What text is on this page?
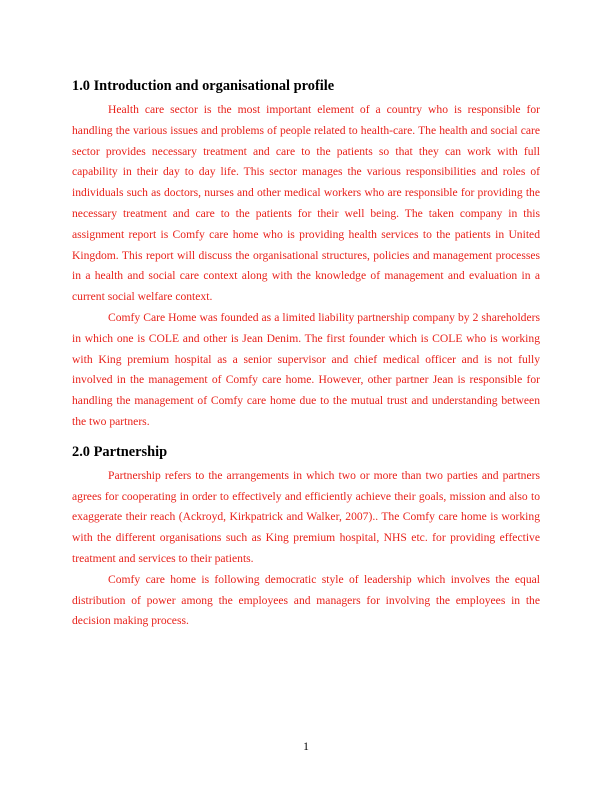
1.0 Introduction and organisational profile

Health care sector is the most important element of a country who is responsible for handling the various issues and problems of people related to health-care. The health and social care sector provides necessary treatment and care to the patients so that they can work with full capability in their day to day life. This sector manages the various responsibilities and roles of individuals such as doctors, nurses and other medical workers who are responsible for providing the necessary treatment and care to the patients for their well being. The taken company in this assignment report is Comfy care home who is providing health services to the patients in United Kingdom. This report will discuss the organisational structures, policies and management processes in a health and social care context along with the knowledge of management and evaluation in a current social welfare context.

Comfy Care Home was founded as a limited liability partnership company by 2 shareholders in which one is COLE and other is Jean Denim. The first founder which is COLE who is working with King premium hospital as a senior supervisor and chief medical officer and is not fully involved in the management of Comfy care home. However, other partner Jean is responsible for handling the management of Comfy care home due to the mutual trust and understanding between the two partners.

2.0 Partnership

Partnership refers to the arrangements in which two or more than two parties and partners agrees for cooperating in order to effectively and efficiently achieve their goals, mission and also to exaggerate their reach (Ackroyd, Kirkpatrick and Walker, 2007).. The Comfy care home is working with the different organisations such as King premium hospital, NHS etc. for providing effective treatment and services to their patients.

Comfy care home is following democratic style of leadership which involves the equal distribution of power among the employees and managers for involving the employees in the decision making process.

1
